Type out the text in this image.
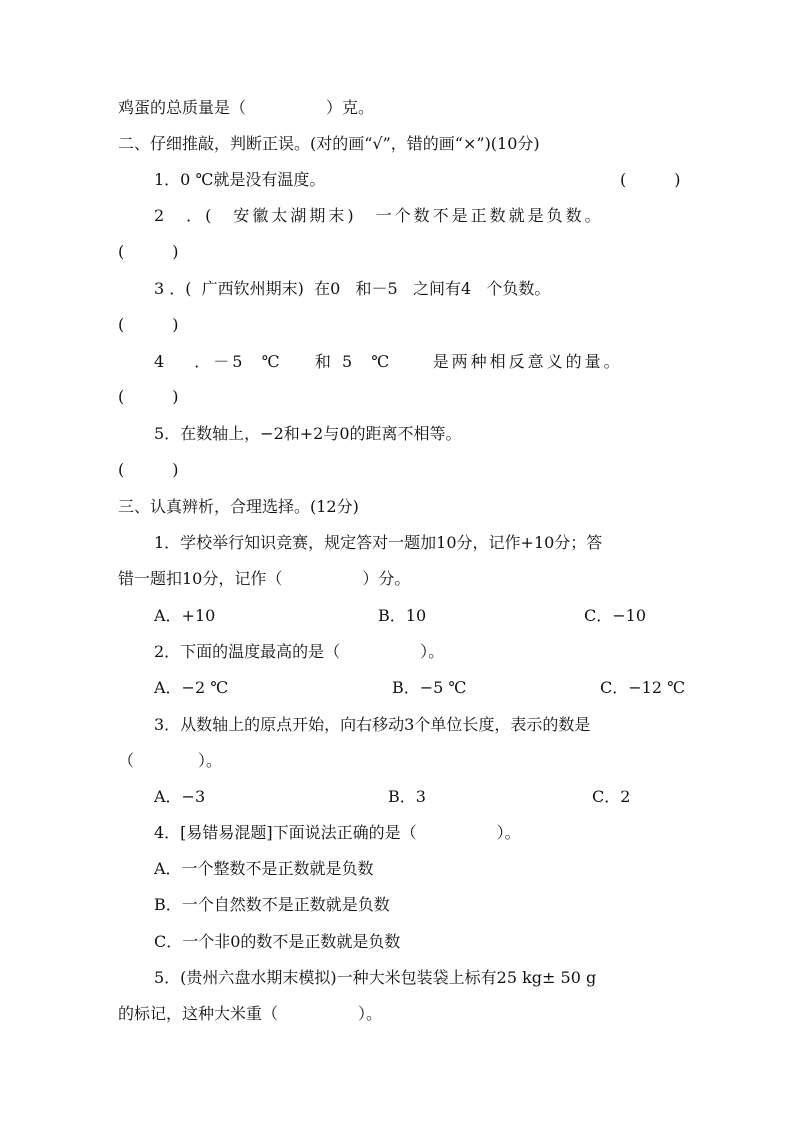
鸡蛋的总质量是（　　　　　）克。
二、仔细推敲，判断正误。(对的画“√”，错的画“×”)(10分)
1．0 ℃就是没有温度。	(　　　)
2　．(　安徽太湖期末)　一个数不是正数就是负数。
(　　　)
3 ．(  广西钦州期末)  在0   和－5   之间有4   个负数。
(　　　)
4　 ．－5  ℃    和 5  ℃     是两种相反意义的量。
(　　　)
5．在数轴上，−2和+2与0的距离不相等。
(　　　)
三、认真辨析，合理选择。(12分)
1．学校举行知识竞赛，规定答对一题加10分，记作+10分；答
错一题扣10分，记作（　　　　　）分。
A．+10	B．10	C．−10
2．下面的温度最高的是（　　　　　）。
A．−2 ℃	B．−5 ℃	C．−12 ℃
3．从数轴上的原点开始，向右移动3个单位长度，表示的数是
（　　　　）。
A．−3	B．3	C．2
4．[易错易混题]下面说法正确的是（　　　　　）。
A．一个整数不是正数就是负数
B．一个自然数不是正数就是负数
C．一个非0的数不是正数就是负数
5．(贵州六盘水期末模拟)一种大米包装袋上标有25 kg± 50 g
的标记，这种大米重（　　　　　）。
